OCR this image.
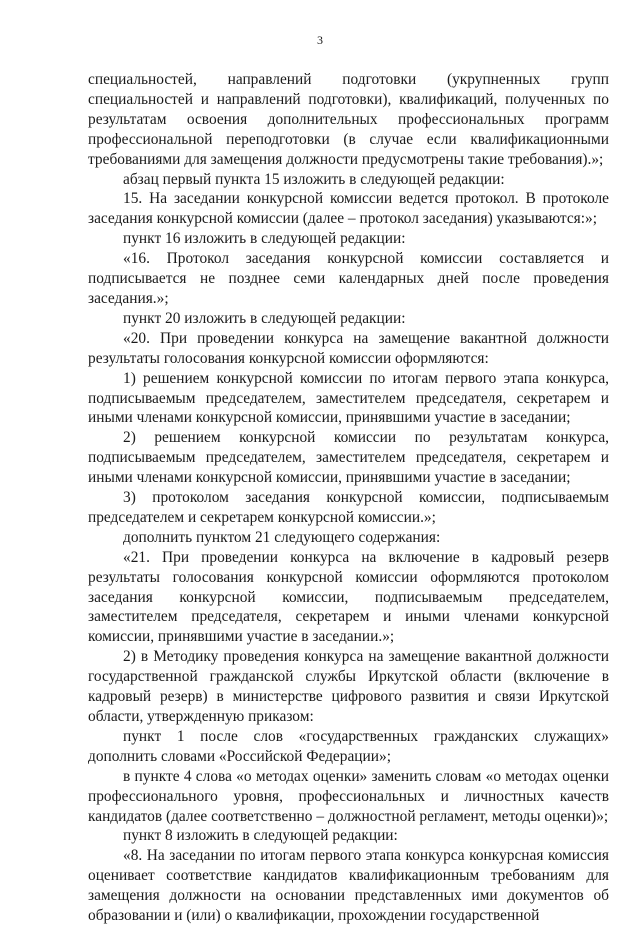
3

специальностей, направлений подготовки (укрупненных групп специальностей и направлений подготовки), квалификаций, полученных по результатам освоения дополнительных профессиональных программ профессиональной переподготовки (в случае если квалификационными требованиями для замещения должности предусмотрены такие требования).»;

абзац первый пункта 15 изложить в следующей редакции:

15. На заседании конкурсной комиссии ведется протокол. В протоколе заседания конкурсной комиссии (далее – протокол заседания) указываются:»;

пункт 16 изложить в следующей редакции:

«16. Протокол заседания конкурсной комиссии составляется и подписывается не позднее семи календарных дней после проведения заседания.»;

пункт 20 изложить в следующей редакции:

«20. При проведении конкурса на замещение вакантной должности результаты голосования конкурсной комиссии оформляются:

1) решением конкурсной комиссии по итогам первого этапа конкурса, подписываемым председателем, заместителем председателя, секретарем и иными членами конкурсной комиссии, принявшими участие в заседании;

2) решением конкурсной комиссии по результатам конкурса, подписываемым председателем, заместителем председателя, секретарем и иными членами конкурсной комиссии, принявшими участие в заседании;

3) протоколом заседания конкурсной комиссии, подписываемым председателем и секретарем конкурсной комиссии.»;

дополнить пунктом 21 следующего содержания:

«21. При проведении конкурса на включение в кадровый резерв результаты голосования конкурсной комиссии оформляются протоколом заседания конкурсной комиссии, подписываемым председателем, заместителем председателя, секретарем и иными членами конкурсной комиссии, принявшими участие в заседании.»;

2) в Методику проведения конкурса на замещение вакантной должности государственной гражданской службы Иркутской области (включение в кадровый резерв) в министерстве цифрового развития и связи Иркутской области, утвержденную приказом:

пункт 1 после слов «государственных гражданских служащих» дополнить словами «Российской Федерации»;

в пункте 4 слова «о методах оценки» заменить словам «о методах оценки профессионального уровня, профессиональных и личностных качеств кандидатов (далее соответственно – должностной регламент, методы оценки)»;

пункт 8 изложить в следующей редакции:

«8. На заседании по итогам первого этапа конкурса конкурсная комиссия оценивает соответствие кандидатов квалификационным требованиям для замещения должности на основании представленных ими документов об образовании и (или) о квалификации, прохождении государственной
